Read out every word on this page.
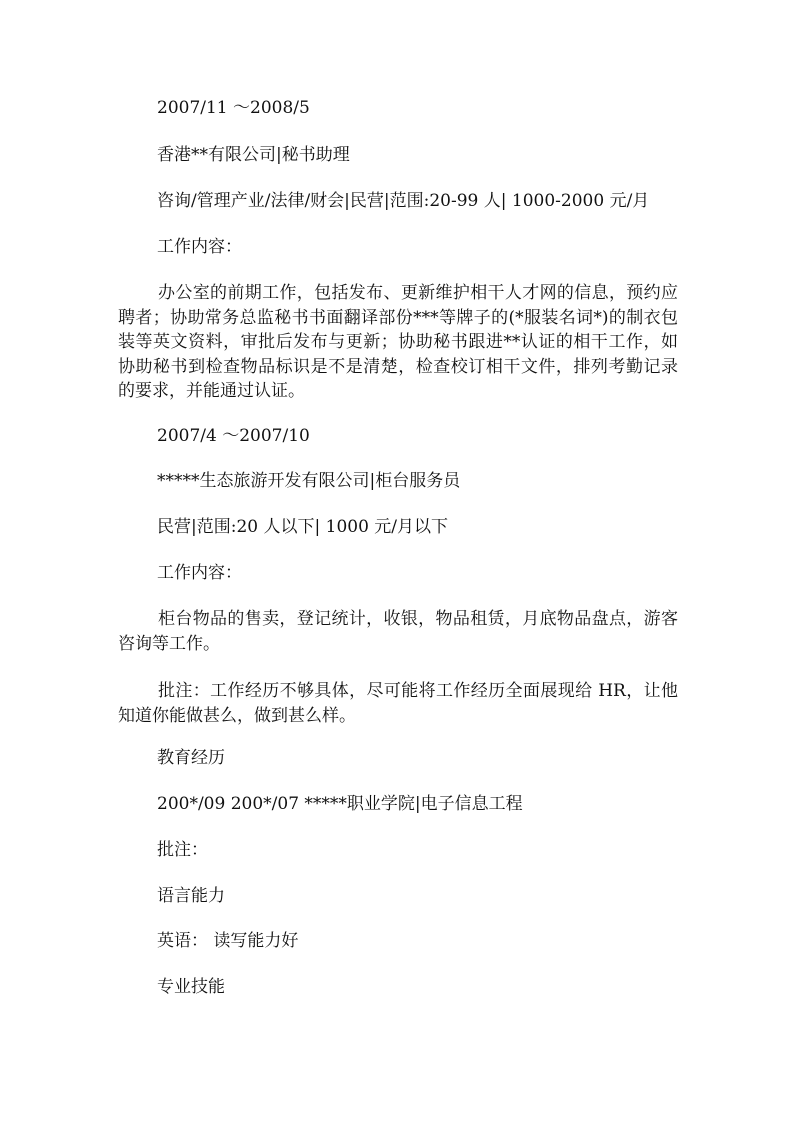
2007/11 ～2008/5
香港**有限公司|秘书助理
咨询/管理产业/法律/财会|民营|范围:20-99 人| 1000-2000 元/月
工作内容：
办公室的前期工作，包括发布、更新维护相干人才网的信息，预约应聘者；协助常务总监秘书书面翻译部份***等牌子的(*服装名词*)的制衣包装等英文资料，审批后发布与更新；协助秘书跟进**认证的相干工作，如协助秘书到检查物品标识是不是清楚，检查校订相干文件，排列考勤记录的要求，并能通过认证。
2007/4 ～2007/10
*****生态旅游开发有限公司|柜台服务员
民营|范围:20 人以下| 1000 元/月以下
工作内容：
柜台物品的售卖，登记统计，收银，物品租赁，月底物品盘点，游客咨询等工作。
批注：工作经历不够具体，尽可能将工作经历全面展现给 HR，让他知道你能做甚么，做到甚么样。
教育经历
200*/09 200*/07 *****职业学院|电子信息工程
批注：
语言能力
英语： 读写能力好
专业技能
